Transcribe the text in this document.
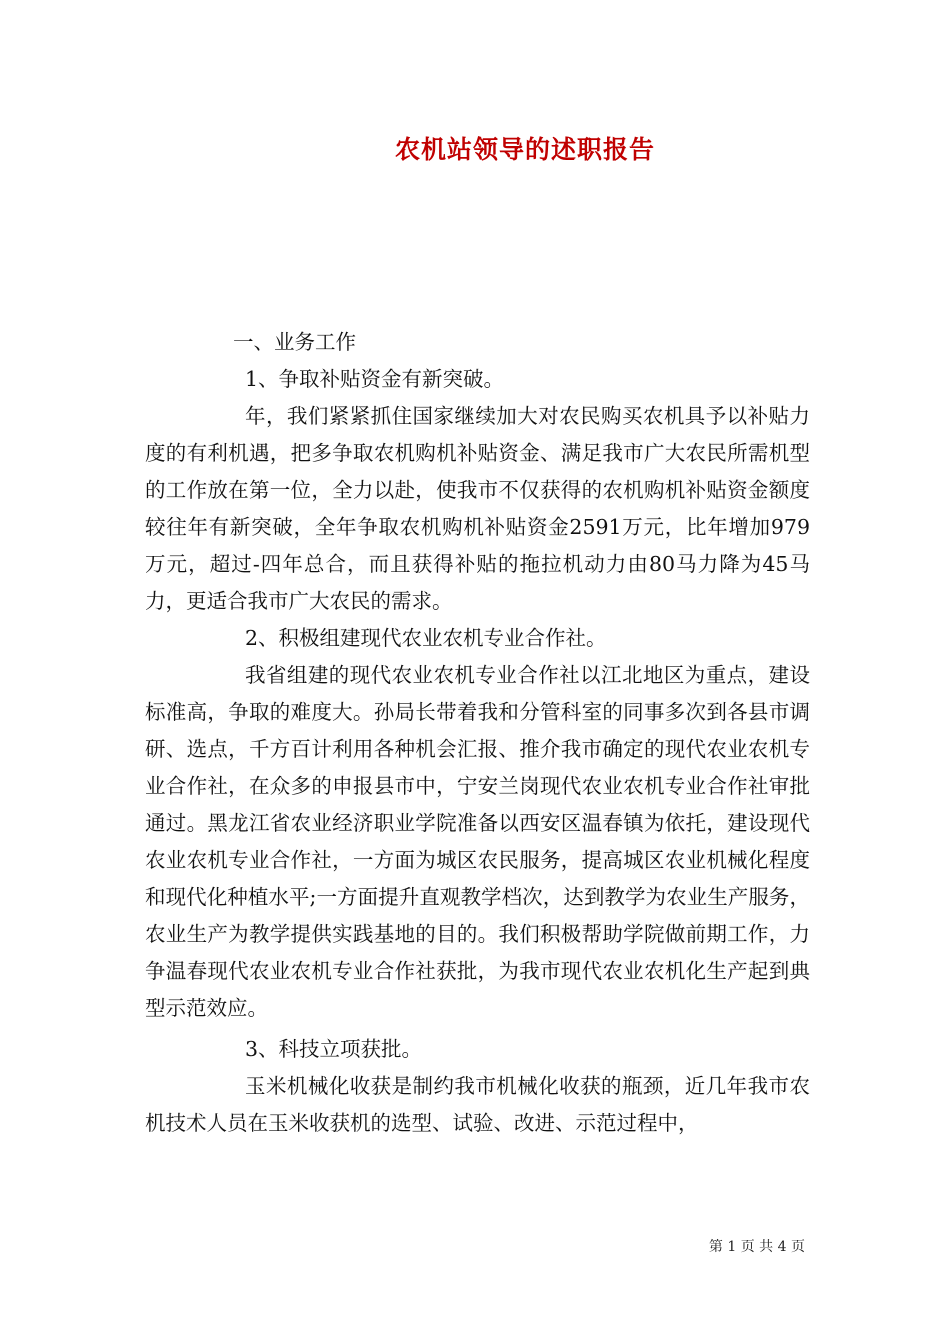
农机站领导的述职报告

一、业务工作

1、争取补贴资金有新突破。

年，我们紧紧抓住国家继续加大对农民购买农机具予以补贴力度的有利机遇，把多争取农机购机补贴资金、满足我市广大农民所需机型的工作放在第一位，全力以赴，使我市不仅获得的农机购机补贴资金额度较往年有新突破，全年争取农机购机补贴资金2591万元，比年增加979万元，超过-四年总合，而且获得补贴的拖拉机动力由80马力降为45马力，更适合我市广大农民的需求。

2、积极组建现代农业农机专业合作社。

我省组建的现代农业农机专业合作社以江北地区为重点，建设标准高，争取的难度大。孙局长带着我和分管科室的同事多次到各县市调研、选点，千方百计利用各种机会汇报、推介我市确定的现代农业农机专业合作社，在众多的申报县市中，宁安兰岗现代农业农机专业合作社审批通过。黑龙江省农业经济职业学院准备以西安区温春镇为依托，建设现代农业农机专业合作社，一方面为城区农民服务，提高城区农业机械化程度和现代化种植水平;一方面提升直观教学档次，达到教学为农业生产服务，农业生产为教学提供实践基地的目的。我们积极帮助学院做前期工作，力争温春现代农业农机专业合作社获批，为我市现代农业农机化生产起到典型示范效应。

3、科技立项获批。

玉米机械化收获是制约我市机械化收获的瓶颈，近几年我市农机技术人员在玉米收获机的选型、试验、改进、示范过程中，

第 1 页 共 4 页
